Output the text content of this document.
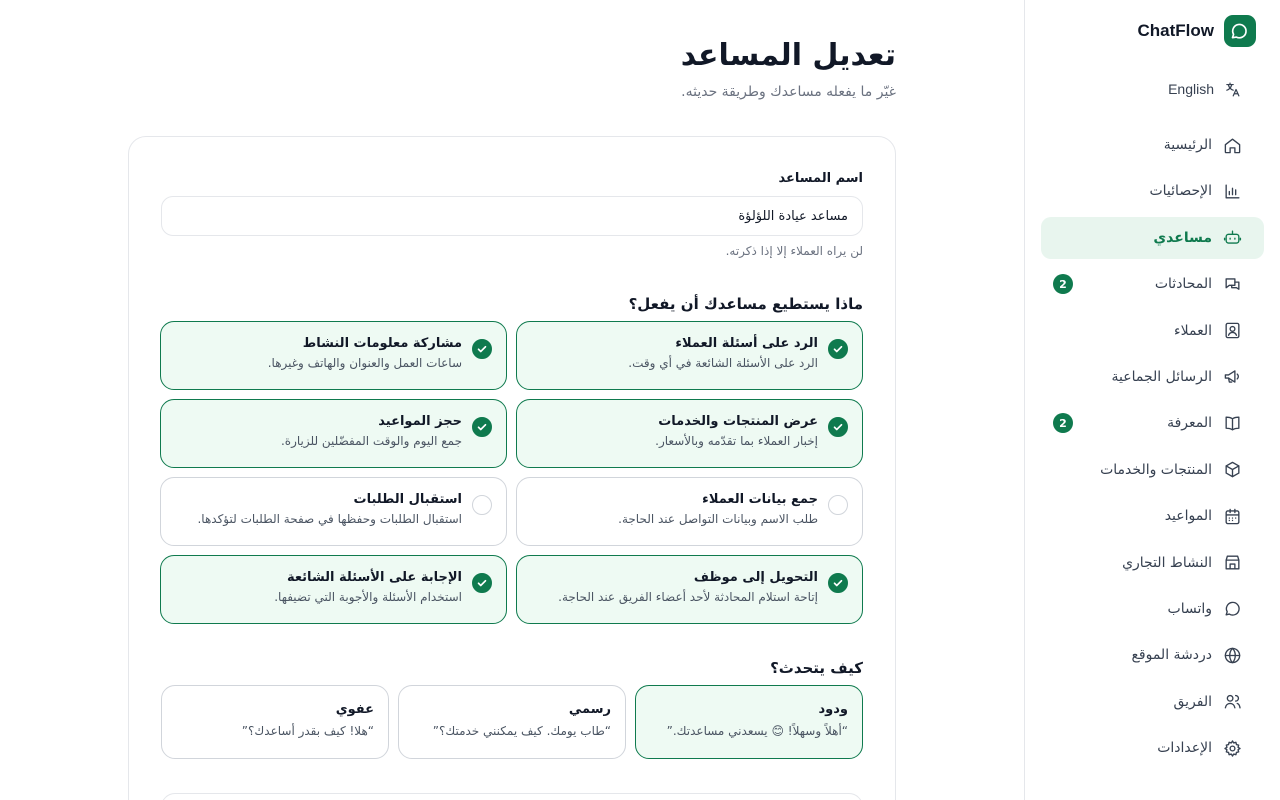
ChatFlow
English
الرئيسية
الإحصائيات
مساعدي
المحادثات
2
العملاء
الرسائل الجماعية
المعرفة
2
المنتجات والخدمات
المواعيد
النشاط التجاري
واتساب
دردشة الموقع
الفريق
الإعدادات
تعديل المساعد

غيّر ما يفعله مساعدك وطريقة حديثه.

اسم المساعد
مساعد عيادة اللؤلؤة

لن يراه العملاء إلا إذا ذكرته.

ماذا يستطيع مساعدك أن يفعل؟
الرد على أسئلة العملاء
الرد على الأسئلة الشائعة في أي وقت.
مشاركة معلومات النشاط
ساعات العمل والعنوان والهاتف وغيرها.
عرض المنتجات والخدمات
إخبار العملاء بما تقدّمه وبالأسعار.
حجز المواعيد
جمع اليوم والوقت المفضّلين للزيارة.
جمع بيانات العملاء
طلب الاسم وبيانات التواصل عند الحاجة.
استقبال الطلبات
استقبال الطلبات وحفظها في صفحة الطلبات لتؤكدها.
التحويل إلى موظف
إتاحة استلام المحادثة لأحد أعضاء الفريق عند الحاجة.
الإجابة على الأسئلة الشائعة
استخدام الأسئلة والأجوبة التي تضيفها.
كيف يتحدث؟
ودود
“أهلاً وسهلاً! 😊 يسعدني مساعدتك.”
رسمي
“طاب يومك. كيف يمكنني خدمتك؟”
عفوي
“هلا! كيف بقدر أساعدك؟”
